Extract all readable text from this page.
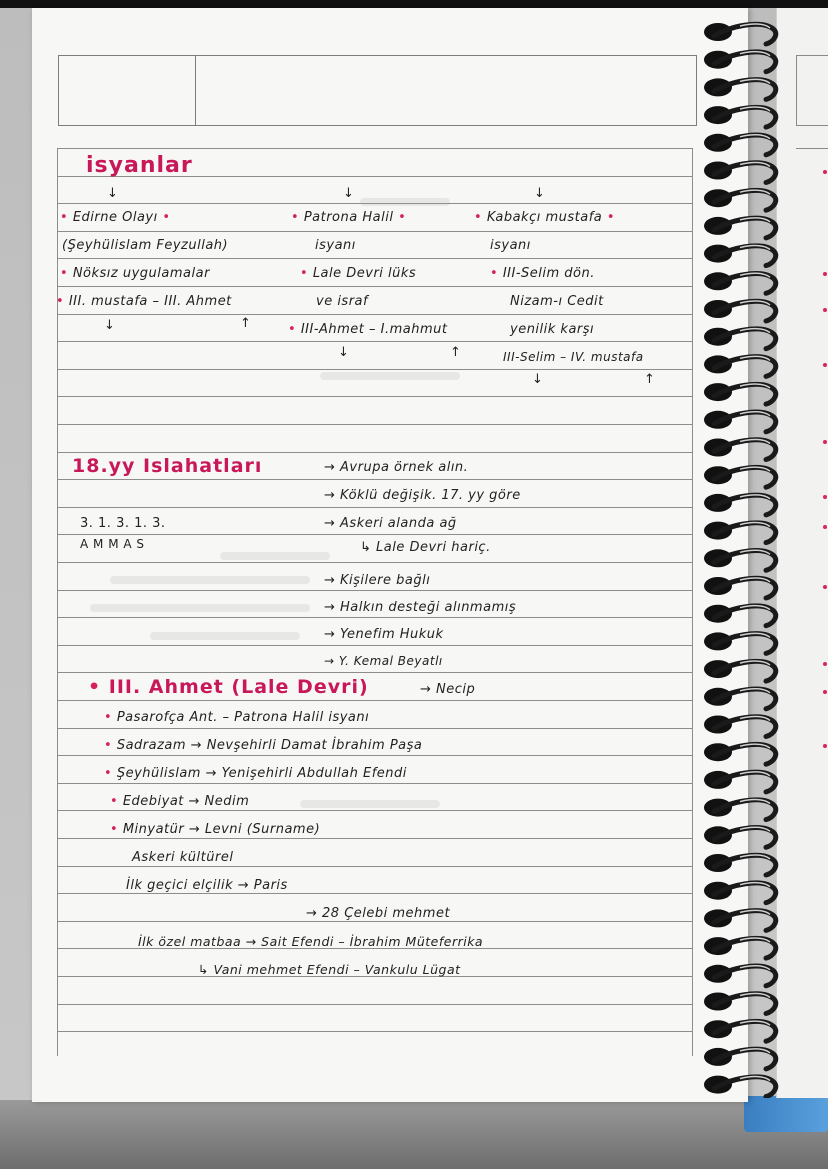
isyanlar
↓	↓	↓
• Edirne Olayı •
(Şeyhülislam Feyzullah)
• Nöksız uygulamalar
• III. mustafa – III. Ahmet
↓	↑
• Patrona Halil •
isyanı
• Lale Devri lüks
ve israf
• III-Ahmet – I.mahmut
↓	↑
• Kabakçı mustafa •
isyanı
• III-Selim dön.
Nizam-ı Cedit
yenilik karşı
III-Selim – IV. mustafa
↓	↑
18.yy Islahatları	→ Avrupa örnek alın.
→ Köklü değişik. 17. yy göre
→ Askeri alanda ağ
↳ Lale Devri hariç.
3. 1. 3. 1. 3.
A M M A S
→ Kişilere bağlı
→ Halkın desteği alınmamış
→ Yenefim Hukuk
→ Y. Kemal Beyatlı
• III. Ahmet (Lale Devri)	→ Necip
• Pasarofça Ant. – Patrona Halil isyanı
• Sadrazam → Nevşehirli Damat İbrahim Paşa
• Şeyhülislam → Yenişehirli Abdullah Efendi
• Edebiyat → Nedim
• Minyatür → Levni (Surname)
Askeri kültürel
İlk geçici elçilik → Paris
→ 28 Çelebi mehmet
İlk özel matbaa → Sait Efendi – İbrahim Müteferrika
↳ Vani mehmet Efendi – Vankulu Lügat
